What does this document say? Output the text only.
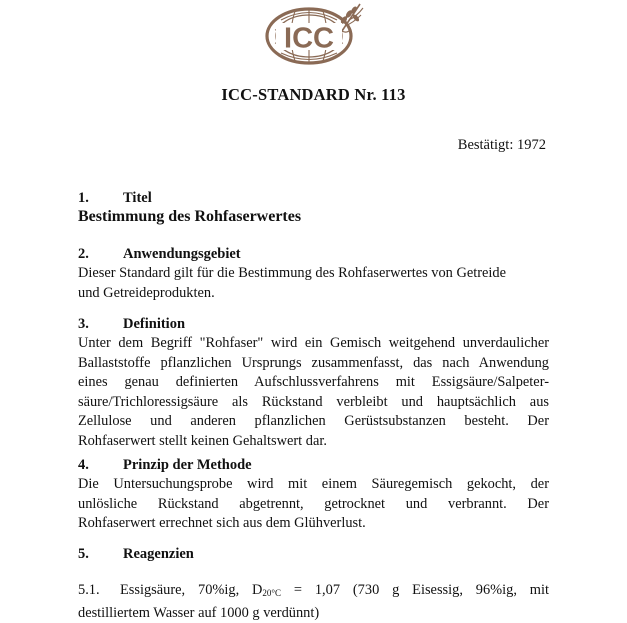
ICC
ICC-STANDARD Nr. 113
Bestätigt: 1972
1. Titel
Bestimmung des Rohfaserwertes
2. Anwendungsgebiet
Dieser Standard gilt für die Bestimmung des Rohfaserwertes von Getreide
und Getreideprodukten.
3. Definition
Unter dem Begriff "Rohfaser" wird ein Gemisch weitgehend unverdaulicher
Ballaststoffe pflanzlichen Ursprungs zusammenfasst, das nach Anwendung
eines genau definierten Aufschlussverfahrens mit Essigsäure/Salpeter-
säure/Trichloressigsäure als Rückstand verbleibt und hauptsächlich aus
Zellulose und anderen pflanzlichen Gerüstsubstanzen besteht. Der
Rohfaserwert stellt keinen Gehaltswert dar.
4. Prinzip der Methode
Die Untersuchungsprobe wird mit einem Säuregemisch gekocht, der
unlösliche Rückstand abgetrennt, getrocknet und verbrannt. Der
Rohfaserwert errechnet sich aus dem Glühverlust.
5. Reagenzien
5.1. Essigsäure, 70%ig, $D_{20^\circ C} = 1,07$ (730 g Eisessig, 96%ig, mit
destilliertem Wasser auf 1000 g verdünnt)
